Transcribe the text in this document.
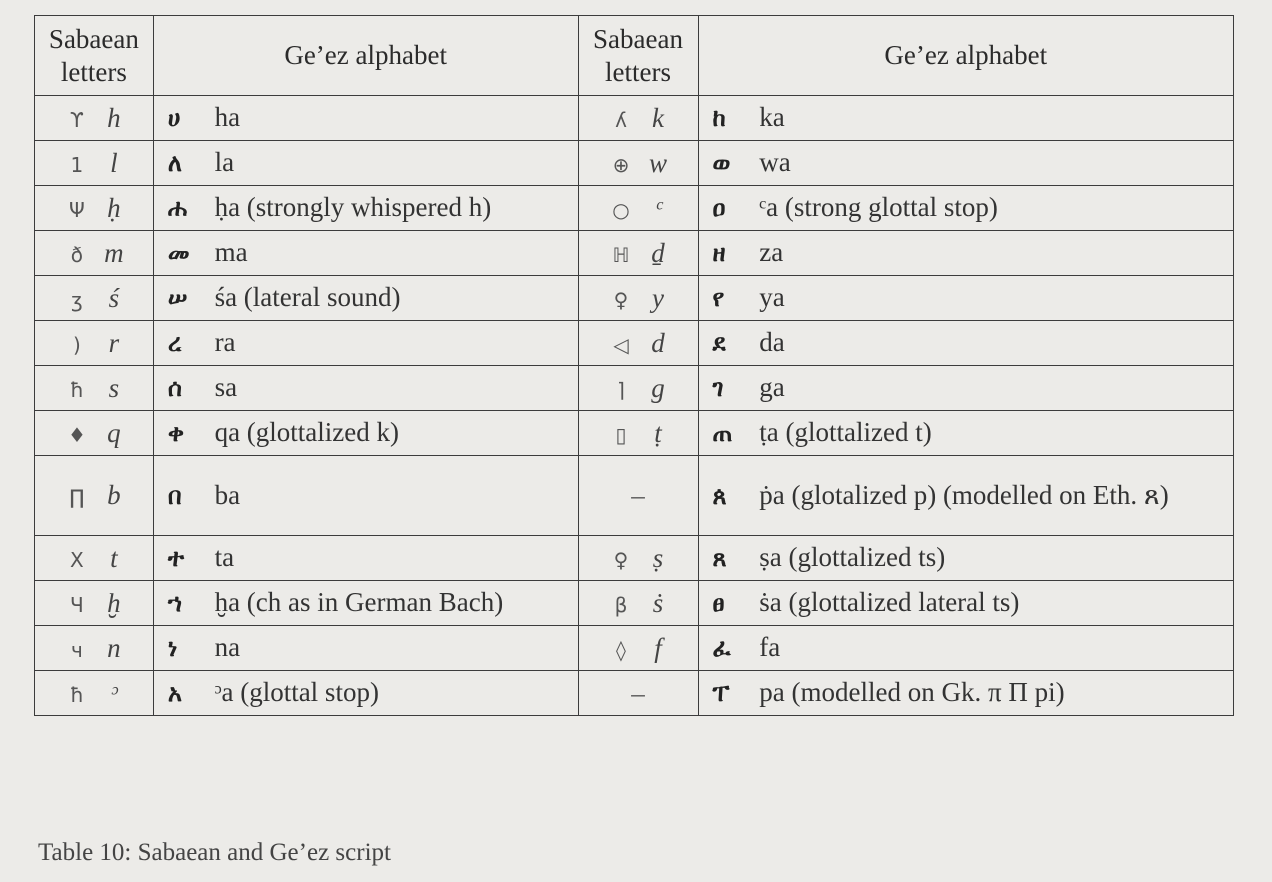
Sabaean letters	Ge’ez alphabet	Sabaean letters	Ge’ez alphabet
ϒ h	ሀ ha	ʎ k	ከ ka
1 l	ለ la	⊕ w	ወ wa
Ψ ḥ	ሐ ḥa (strongly whispered h)	○ ᶜ	ዐ ᶜa (strong glottal stop)
ð m	መ ma	ℍ ḏ	ዘ za
ʒ ś	ሠ śa (lateral sound)	♀ y	የ ya
) r	ረ ra	◁ d	ደ da
ħ s	ሰ sa	⌉ g	ገ ga
♦ q	ቀ qa (glottalized k)	▯ ṭ	ጠ ṭa (glottalized t)
∏ b	በ ba	–	ጰ ṗa (glotalized p) (modelled on Eth. ጸ)
X t	ተ ta	♀ ṣ	ጸ ṣa (glottalized ts)
Ч ḫ	ኀ ḫa (ch as in German Bach)	β ṡ	ፀ ṡa (glottalized lateral ts)
ч n	ነ na	◊ f	ፈ fa
ħ ᵓ	አ ᵓa (glottal stop)	–	ፐ pa (modelled on Gk. π Π pi)
Table 10: Sabaean and Ge’ez script
